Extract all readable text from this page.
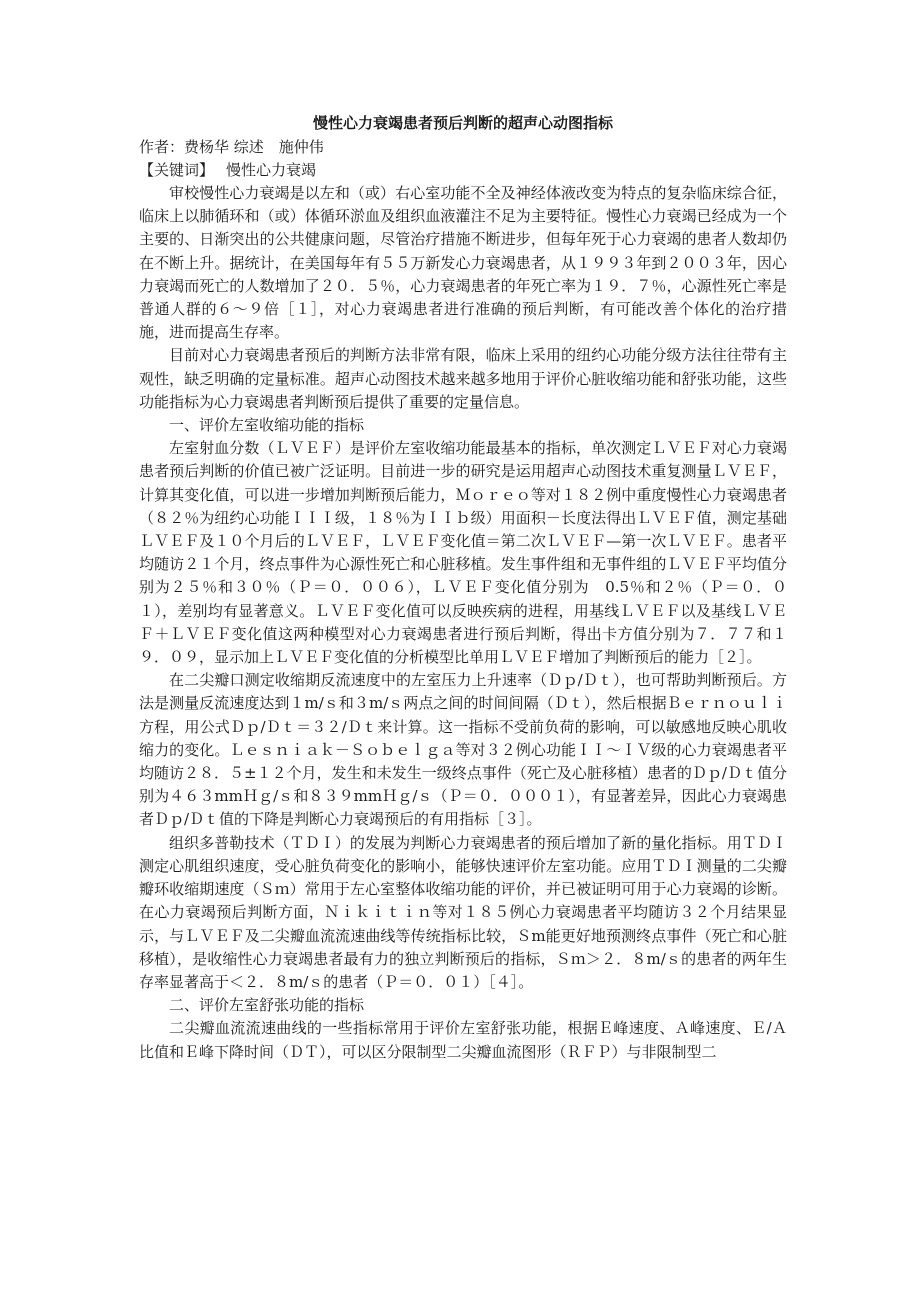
慢性心力衰竭患者预后判断的超声心动图指标

作者：费杨华 综述　施仲伟

【关键词】 慢性心力衰竭

审校慢性心力衰竭是以左和（或）右心室功能不全及神经体液改变为特点的复杂临床综合征，临床上以肺循环和（或）体循环淤血及组织血液灌注不足为主要特征。慢性心力衰竭已经成为一个主要的、日渐突出的公共健康问题，尽管治疗措施不断进步，但每年死于心力衰竭的患者人数却仍在不断上升。据统计，在美国每年有５５万新发心力衰竭患者，从１９９３年到２００３年，因心力衰竭而死亡的人数增加了２０．５％，心力衰竭患者的年死亡率为１９．７％，心源性死亡率是普通人群的６～９倍［１］，对心力衰竭患者进行准确的预后判断，有可能改善个体化的治疗措施，进而提高生存率。

目前对心力衰竭患者预后的判断方法非常有限，临床上采用的纽约心功能分级方法往往带有主观性，缺乏明确的定量标准。超声心动图技术越来越多地用于评价心脏收缩功能和舒张功能，这些功能指标为心力衰竭患者判断预后提供了重要的定量信息。

一、评价左室收缩功能的指标

左室射血分数（ＬＶＥＦ）是评价左室收缩功能最基本的指标，单次测定ＬＶＥＦ对心力衰竭患者预后判断的价值已被广泛证明。目前进一步的研究是运用超声心动图技术重复测量ＬＶＥＦ，计算其变化值，可以进一步增加判断预后能力，Ｍｏｒｅｏ等对１８２例中重度慢性心力衰竭患者（８２％为纽约心功能ＩＩＩ级，１８％为ＩＩｂ级）用面积－长度法得出ＬＶＥＦ值，测定基础ＬＶＥＦ及１０个月后的ＬＶＥＦ，ＬＶＥＦ变化值＝第二次ＬＶＥＦ—第一次ＬＶＥＦ。患者平均随访２１个月，终点事件为心源性死亡和心脏移植。发生事件组和无事件组的ＬＶＥＦ平均值分别为２５％和３０％（Ｐ＝０．００６），ＬＶＥＦ变化值分别为　0.5％和２％（Ｐ＝０．０１），差别均有显著意义。ＬＶＥＦ变化值可以反映疾病的进程，用基线ＬＶＥＦ以及基线ＬＶＥＦ＋ＬＶＥＦ变化值这两种模型对心力衰竭患者进行预后判断，得出卡方值分别为７．７７和１９．０９，显示加上ＬＶＥＦ变化值的分析模型比单用ＬＶＥＦ增加了判断预后的能力［２］。

在二尖瓣口测定收缩期反流速度中的左室压力上升速率（Ｄｐ/Ｄｔ），也可帮助判断预后。方法是测量反流速度达到１m/ｓ和３m/ｓ两点之间的时间间隔（Ｄｔ），然后根据Ｂｅｒｎｏｕｌｉ方程，用公式Ｄｐ/Ｄｔ＝３２/Ｄｔ来计算。这一指标不受前负荷的影响，可以敏感地反映心肌收缩力的变化。Ｌｅｓｎｉａｋ－Ｓｏｂｅｌｇａ等对３２例心功能ＩＩ～ＩＶ级的心力衰竭患者平均随访２８．５±１２个月，发生和未发生一级终点事件（死亡及心脏移植）患者的Ｄｐ/Ｄｔ值分别为４６３mmＨｇ/ｓ和８３９mmＨｇ/ｓ（Ｐ＝０．０００１），有显著差异，因此心力衰竭患者Ｄｐ/Ｄｔ值的下降是判断心力衰竭预后的有用指标［３］。

组织多普勒技术（ＴＤＩ）的发展为判断心力衰竭患者的预后增加了新的量化指标。用ＴＤＩ测定心肌组织速度，受心脏负荷变化的影响小，能够快速评价左室功能。应用ＴＤＩ测量的二尖瓣瓣环收缩期速度（Ｓｍ）常用于左心室整体收缩功能的评价，并已被证明可用于心力衰竭的诊断。在心力衰竭预后判断方面，Ｎｉｋｉｔｉｎ等对１８５例心力衰竭患者平均随访３２个月结果显示，与ＬＶＥＦ及二尖瓣血流流速曲线等传统指标比较，Ｓm能更好地预测终点事件（死亡和心脏移植），是收缩性心力衰竭患者最有力的独立判断预后的指标，Ｓｍ＞２．８m/ｓ的患者的两年生存率显著高于＜２．８m/ｓ的患者（Ｐ＝０．０１）［４］。

二、评价左室舒张功能的指标

二尖瓣血流流速曲线的一些指标常用于评价左室舒张功能，根据Ｅ峰速度、Ａ峰速度、Ｅ/Ａ比值和Ｅ峰下降时间（ＤＴ），可以区分限制型二尖瓣血流图形（ＲＦＰ）与非限制型二
